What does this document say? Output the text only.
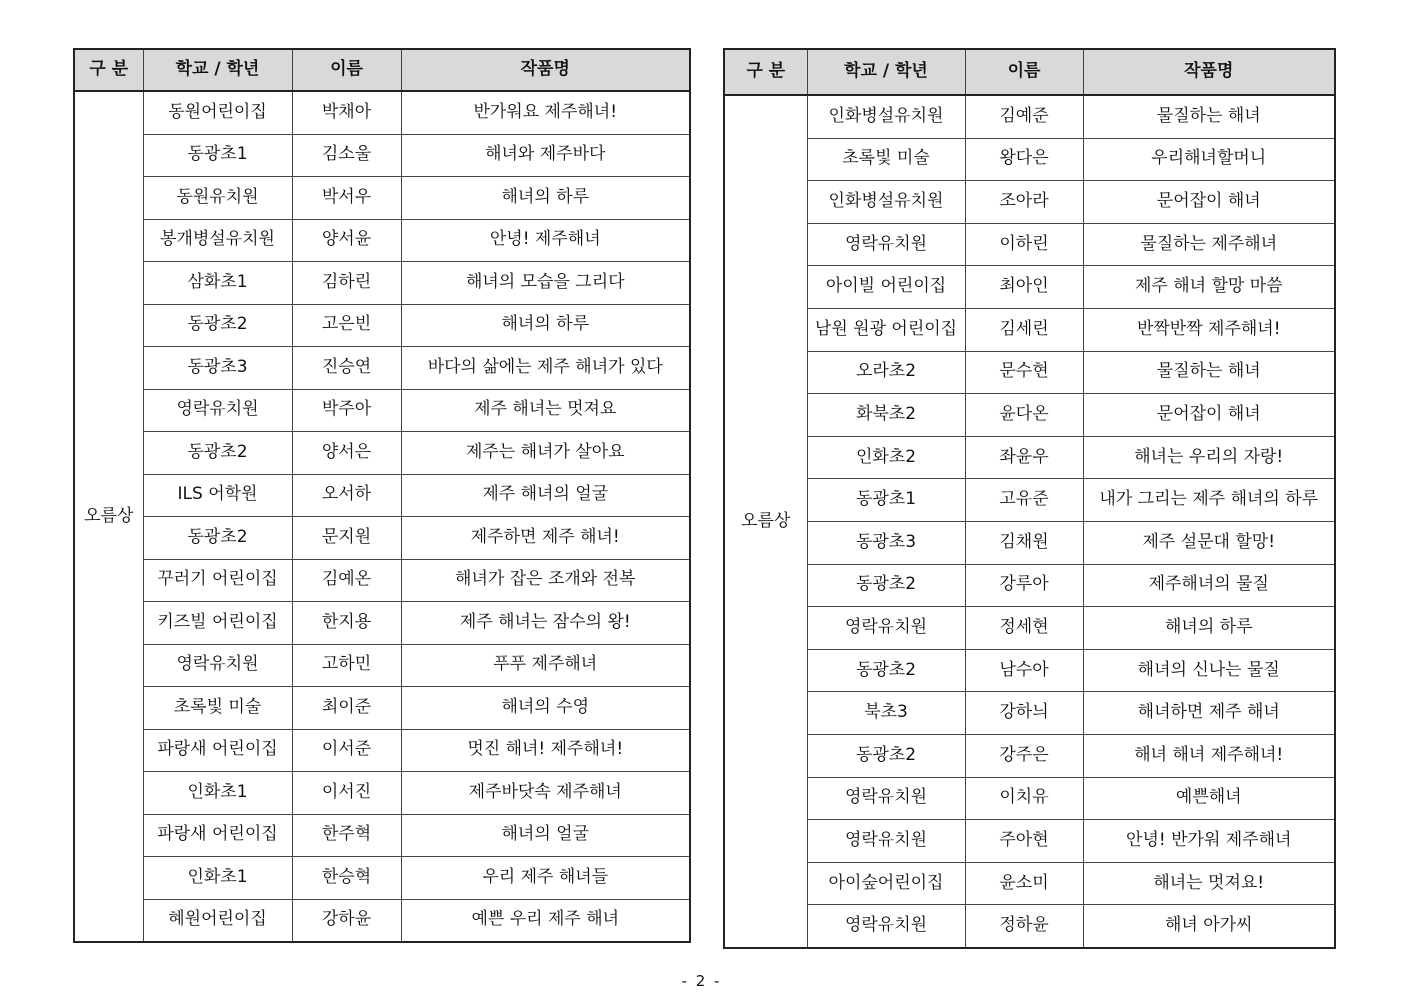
구 분	학교 / 학년	이름	작품명
오름상	동원어린이집	박채아	반가워요 제주해녀!
	동광초1	김소울	해녀와 제주바다
	동원유치원	박서우	해녀의 하루
	봉개병설유치원	양서윤	안녕! 제주해녀
	삼화초1	김하린	해녀의 모습을 그리다
	동광초2	고은빈	해녀의 하루
	동광초3	진승연	바다의 삶에는 제주 해녀가 있다
	영락유치원	박주아	제주 해녀는 멋져요
	동광초2	양서은	제주는 해녀가 살아요
	ILS 어학원	오서하	제주 해녀의 얼굴
	동광초2	문지원	제주하면 제주 해녀!
	꾸러기 어린이집	김예온	해녀가 잡은 조개와 전복
	키즈빌 어린이집	한지용	제주 해녀는 잠수의 왕!
	영락유치원	고하민	푸푸 제주해녀
	초록빛 미술	최이준	해녀의 수영
	파랑새 어린이집	이서준	멋진 해녀! 제주해녀!
	인화초1	이서진	제주바닷속 제주해녀
	파랑새 어린이집	한주혁	해녀의 얼굴
	인화초1	한승혁	우리 제주 해녀들
	혜원어린이집	강하윤	예쁜 우리 제주 해녀
구 분	학교 / 학년	이름	작품명
오름상	인화병설유치원	김예준	물질하는 해녀
	초록빛 미술	왕다은	우리해녀할머니
	인화병설유치원	조아라	문어잡이 해녀
	영락유치원	이하린	물질하는 제주해녀
	아이빌 어린이집	최아인	제주 해녀 할망 마씀
	남원 원광 어린이집	김세린	반짝반짝 제주해녀!
	오라초2	문수현	물질하는 해녀
	화북초2	윤다온	문어잡이 해녀
	인화초2	좌윤우	해녀는 우리의 자랑!
	동광초1	고유준	내가 그리는 제주 해녀의 하루
	동광초3	김채원	제주 설문대 할망!
	동광초2	강루아	제주해녀의 물질
	영락유치원	정세현	해녀의 하루
	동광초2	남수아	해녀의 신나는 물질
	북초3	강하늬	해녀하면 제주 해녀
	동광초2	강주은	해녀 해녀 제주해녀!
	영락유치원	이치유	예쁜해녀
	영락유치원	주아현	안녕! 반가워 제주해녀
	아이숲어린이집	윤소미	해녀는 멋져요!
	영락유치원	정하윤	해녀 아가씨
- 2 -
